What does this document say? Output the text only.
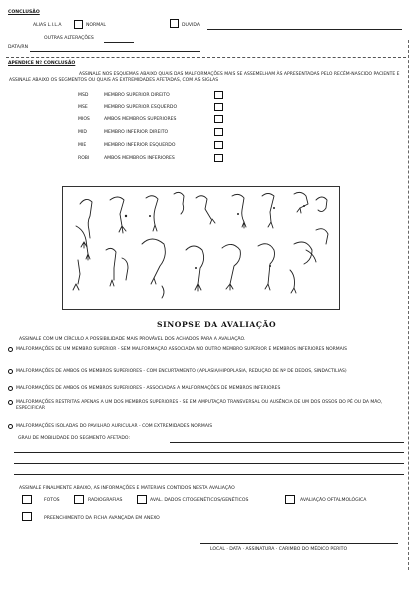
CONCLUSÃO
ALIAS L.I.L.A	NORMAL	DUVIDA
OUTRAS ALTERAÇÕES
DATA/RN
APENDICE Nº CONCLUSÃO
ASSINALE NOS ESQUEMAS ABAIXO QUAIS DAS MALFORMAÇÕES MAIS SE ASSEMELHAM ÀS APRESENTADAS PELO RECÉM-NASCIDO PACIENTE E ASSINALE ABAIXO OS SEGMENTOS OU QUAIS AS EXTREMIDADES AFETADAS, COM AS SIGLAS
MSD	MEMBRO SUPERIOR DIREITO
MSE	MEMBRO SUPERIOR ESQUERDO
MIOS	AMBOS MEMBROS SUPERIORES
MID	MEMBRO INFERIOR DIREITO
MIE	MEMBRO INFERIOR ESQUERDO
ROBI	AMBOS MEMBROS INFERIORES
SINOPSE DA AVALIAÇÃO
ASSINALE COM UM CÍRCULO A POSSIBILIDADE MAIS PROVÁVEL DOS ACHADOS PARA A AVALIAÇÃO.
MALFORMAÇÕES DE UM MEMBRO SUPERIOR - SEM MALFORMAÇÃO ASSOCIADA NO OUTRO MEMBRO SUPERIOR E MEMBROS INFERIORES NORMAIS
MALFORMAÇÕES DE AMBOS OS MEMBROS SUPERIORES - COM ENCURTAMENTO (APLASIA/HIPOPLASIA, REDUÇÃO DE Nº DE DEDOS, SINDACTILIAS)
MALFORMAÇÕES DE AMBOS OS MEMBROS SUPERIORES - ASSOCIADAS A MALFORMAÇÕES DE MEMBROS INFERIORES
MALFORMAÇÕES RESTRITAS APENAS A UM DOS MEMBROS SUPERIORES - SE EM AMPUTAÇÃO TRANSVERSAL OU AUSÊNCIA DE UM DOS OSSOS DO PÉ OU DA MÃO, ESPECIFICAR
MALFORMAÇÕES ISOLADAS DO PAVILHÃO AURICULAR - COM EXTREMIDADES NORMAIS
GRAU DE MOBILIDADE DO SEGMENTO AFETADO:
ASSINALE FINALMENTE ABAIXO, AS INFORMAÇÕES E MATERIAIS CONTIDOS NESTA AVALIAÇÃO
FOTOS	RADIOGRAFIAS	AVAL. DADOS CITOGENÉTICOS/GENÉTICOS	AVALIAÇÃO OFTALMOLÓGICA
PREENCHIMENTO DA FICHA AVANÇADA EM ANEXO
LOCAL · DATA · ASSINATURA · CARIMBO DO MÉDICO PERITO
